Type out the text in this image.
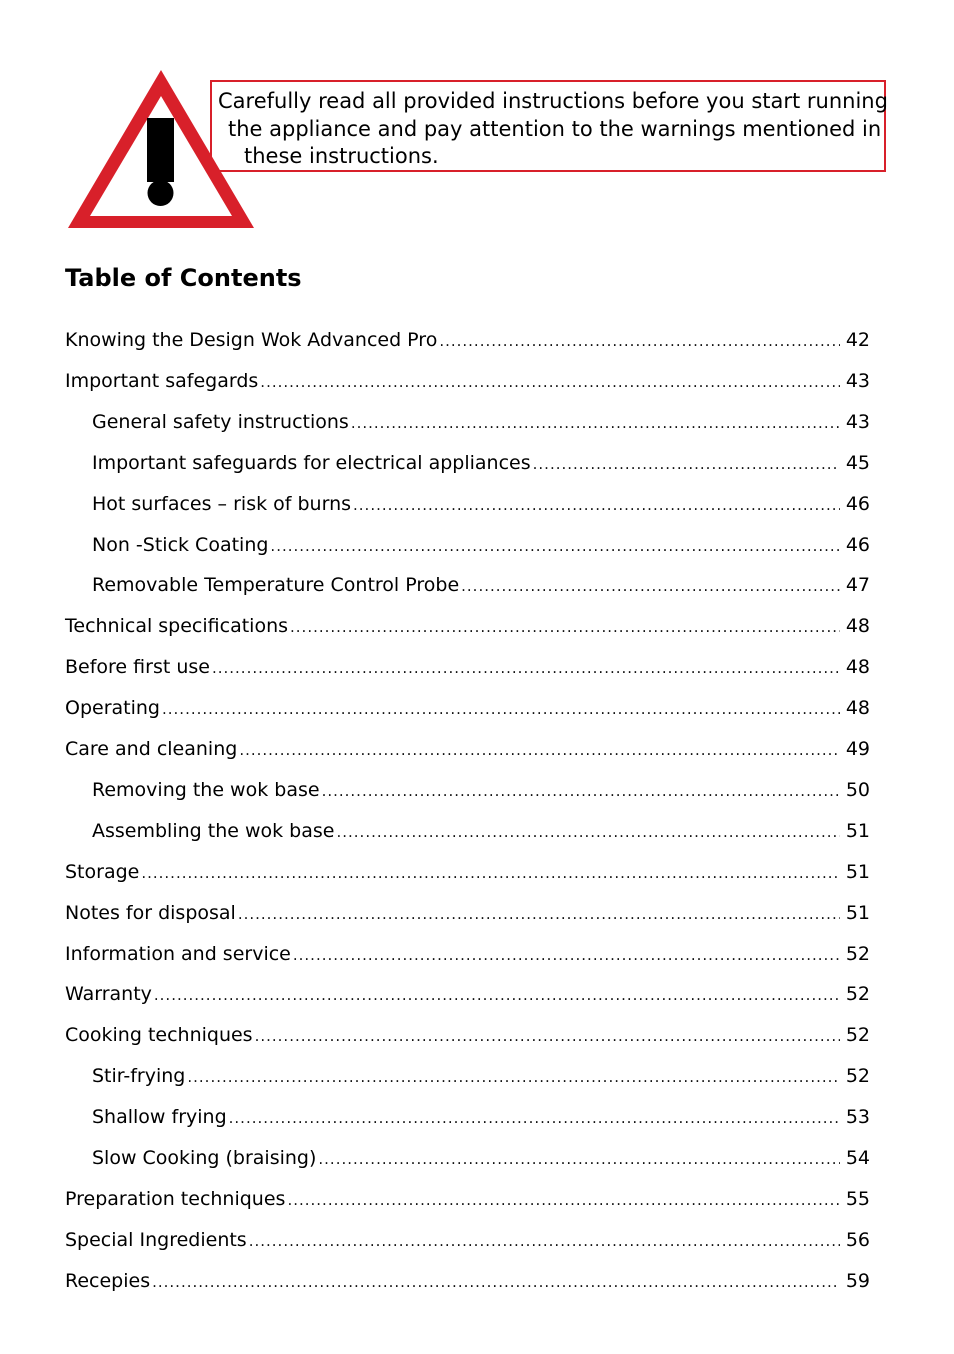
Carefully read all provided instructions before you start running
the appliance and pay attention to the warnings mentioned in
these instructions.
Table of Contents
Knowing the Design Wok Advanced Pro .....	42
Important safegards .....	43
General safety instructions .....	43
Important safeguards for electrical appliances .....	45
Hot surfaces – risk of burns .....	46
Non -Stick Coating .....	46
Removable Temperature Control Probe .....	47
Technical specifications .....	48
Before first use .....	48
Operating .....	48
Care and cleaning .....	49
Removing the wok base .....	50
Assembling the wok base .....	51
Storage .....	51
Notes for disposal .....	51
Information and service .....	52
Warranty .....	52
Cooking techniques .....	52
Stir-frying .....	52
Shallow frying .....	53
Slow Cooking (braising) .....	54
Preparation techniques .....	55
Special Ingredients .....	56
Recepies .....	59
